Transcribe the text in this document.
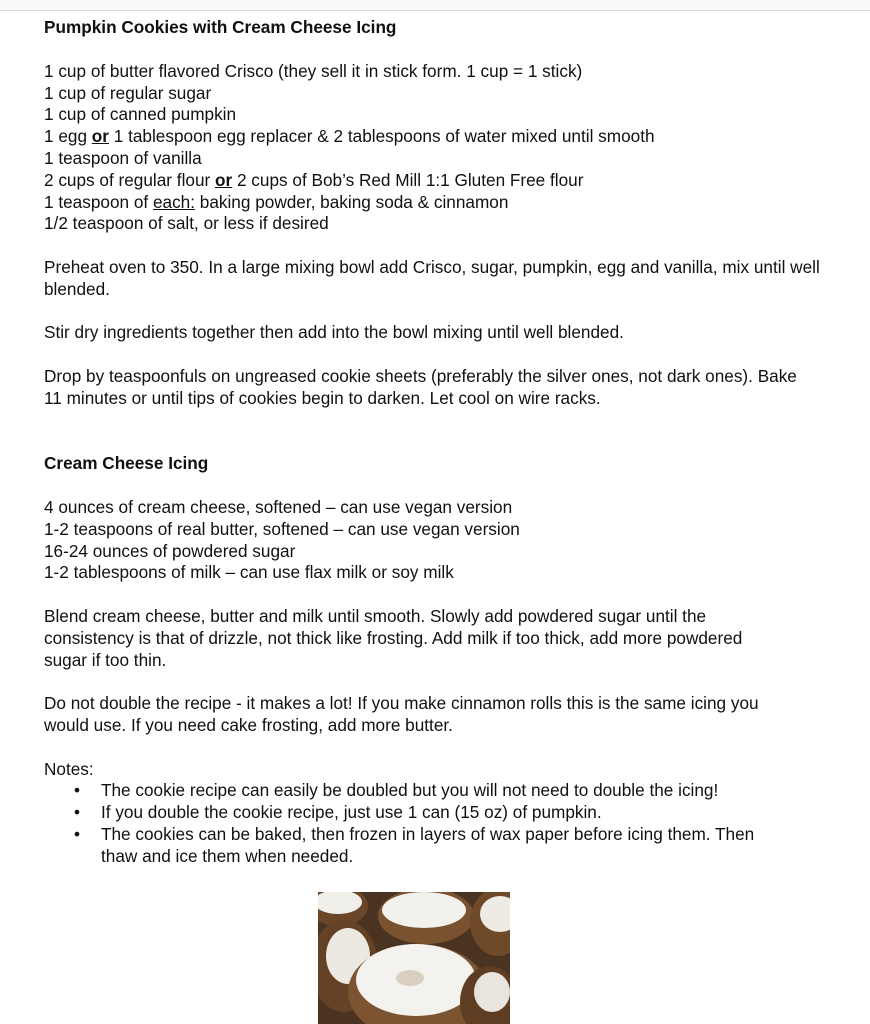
Pumpkin Cookies with Cream Cheese Icing
1 cup of butter flavored Crisco (they sell it in stick form. 1 cup = 1 stick)
1 cup of regular sugar
1 cup of canned pumpkin
1 egg or 1 tablespoon egg replacer & 2 tablespoons of water mixed until smooth
1 teaspoon of vanilla
2 cups of regular flour or 2 cups of Bob’s Red Mill 1:1 Gluten Free flour
1 teaspoon of each: baking powder, baking soda & cinnamon
1/2 teaspoon of salt, or less if desired

Preheat oven to 350. In a large mixing bowl add Crisco, sugar, pumpkin, egg and vanilla, mix until well blended.

Stir dry ingredients together then add into the bowl mixing until well blended.

Drop by teaspoonfuls on ungreased cookie sheets (preferably the silver ones, not dark ones). Bake 11 minutes or until tips of cookies begin to darken. Let cool on wire racks.

Cream Cheese Icing
4 ounces of cream cheese, softened – can use vegan version
1-2 teaspoons of real butter, softened – can use vegan version
16-24 ounces of powdered sugar
1-2 tablespoons of milk – can use flax milk or soy milk

Blend cream cheese, butter and milk until smooth. Slowly add powdered sugar until the consistency is that of drizzle, not thick like frosting. Add milk if too thick, add more powdered sugar if too thin.

Do not double the recipe - it makes a lot! If you make cinnamon rolls this is the same icing you would use. If you need cake frosting, add more butter.

Notes:
• The cookie recipe can easily be doubled but you will not need to double the icing!
• If you double the cookie recipe, just use 1 can (15 oz) of pumpkin.
• The cookies can be baked, then frozen in layers of wax paper before icing them. Then thaw and ice them when needed.
